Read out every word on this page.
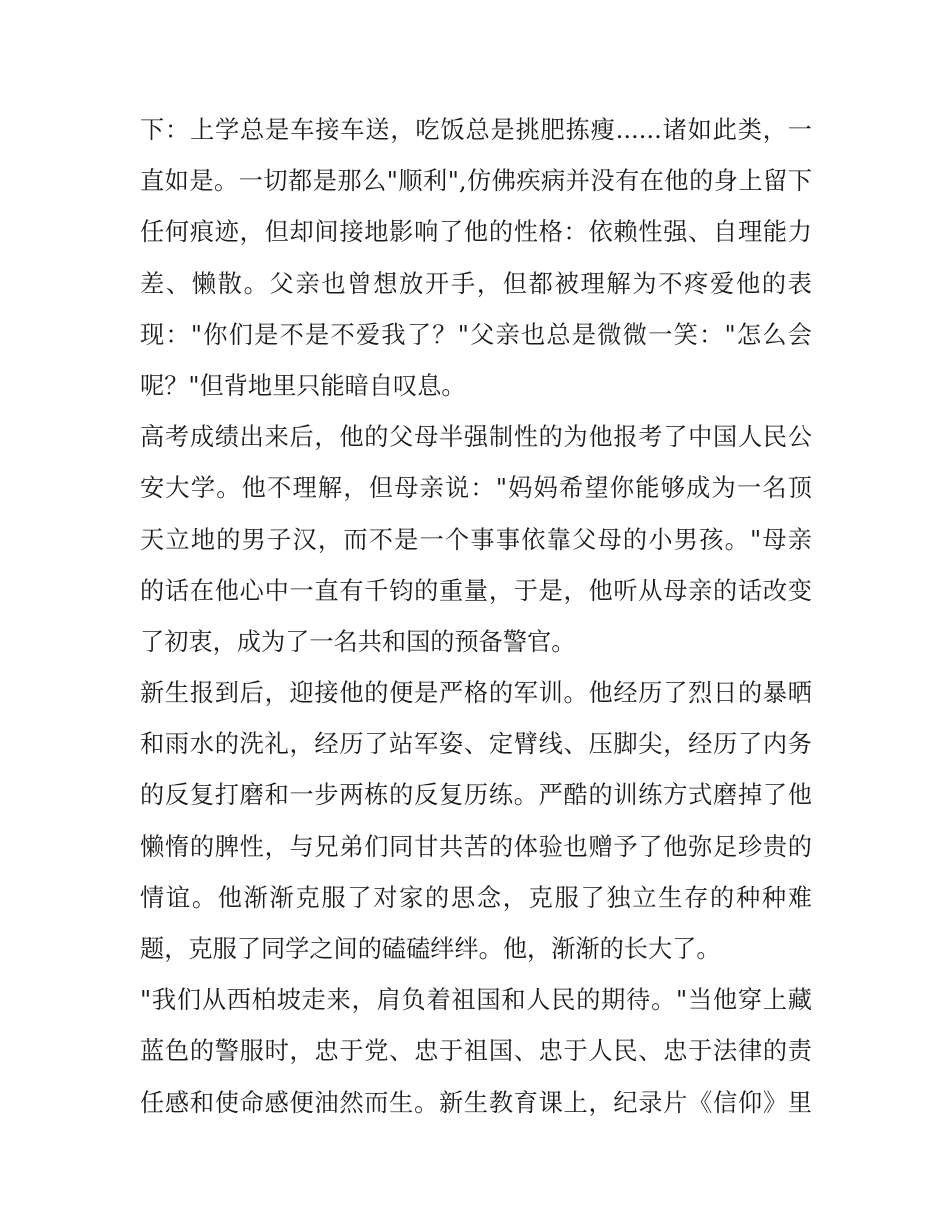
下：上学总是车接车送，吃饭总是挑肥拣瘦......诸如此类，一
直如是。一切都是那么"顺利",仿佛疾病并没有在他的身上留下
任何痕迹，但却间接地影响了他的性格：依赖性强、自理能力
差、懒散。父亲也曾想放开手，但都被理解为不疼爱他的表
现："你们是不是不爱我了？"父亲也总是微微一笑："怎么会
呢？"但背地里只能暗自叹息。
高考成绩出来后，他的父母半强制性的为他报考了中国人民公
安大学。他不理解，但母亲说："妈妈希望你能够成为一名顶
天立地的男子汉，而不是一个事事依靠父母的小男孩。"母亲
的话在他心中一直有千钧的重量，于是，他听从母亲的话改变
了初衷，成为了一名共和国的预备警官。
新生报到后，迎接他的便是严格的军训。他经历了烈日的暴晒
和雨水的洗礼，经历了站军姿、定臂线、压脚尖，经历了内务
的反复打磨和一步两栋的反复历练。严酷的训练方式磨掉了他
懒惰的脾性，与兄弟们同甘共苦的体验也赠予了他弥足珍贵的
情谊。他渐渐克服了对家的思念，克服了独立生存的种种难
题，克服了同学之间的磕磕绊绊。他，渐渐的长大了。
"我们从西柏坡走来，肩负着祖国和人民的期待。"当他穿上藏
蓝色的警服时，忠于党、忠于祖国、忠于人民、忠于法律的责
任感和使命感便油然而生。新生教育课上，纪录片《信仰》里
